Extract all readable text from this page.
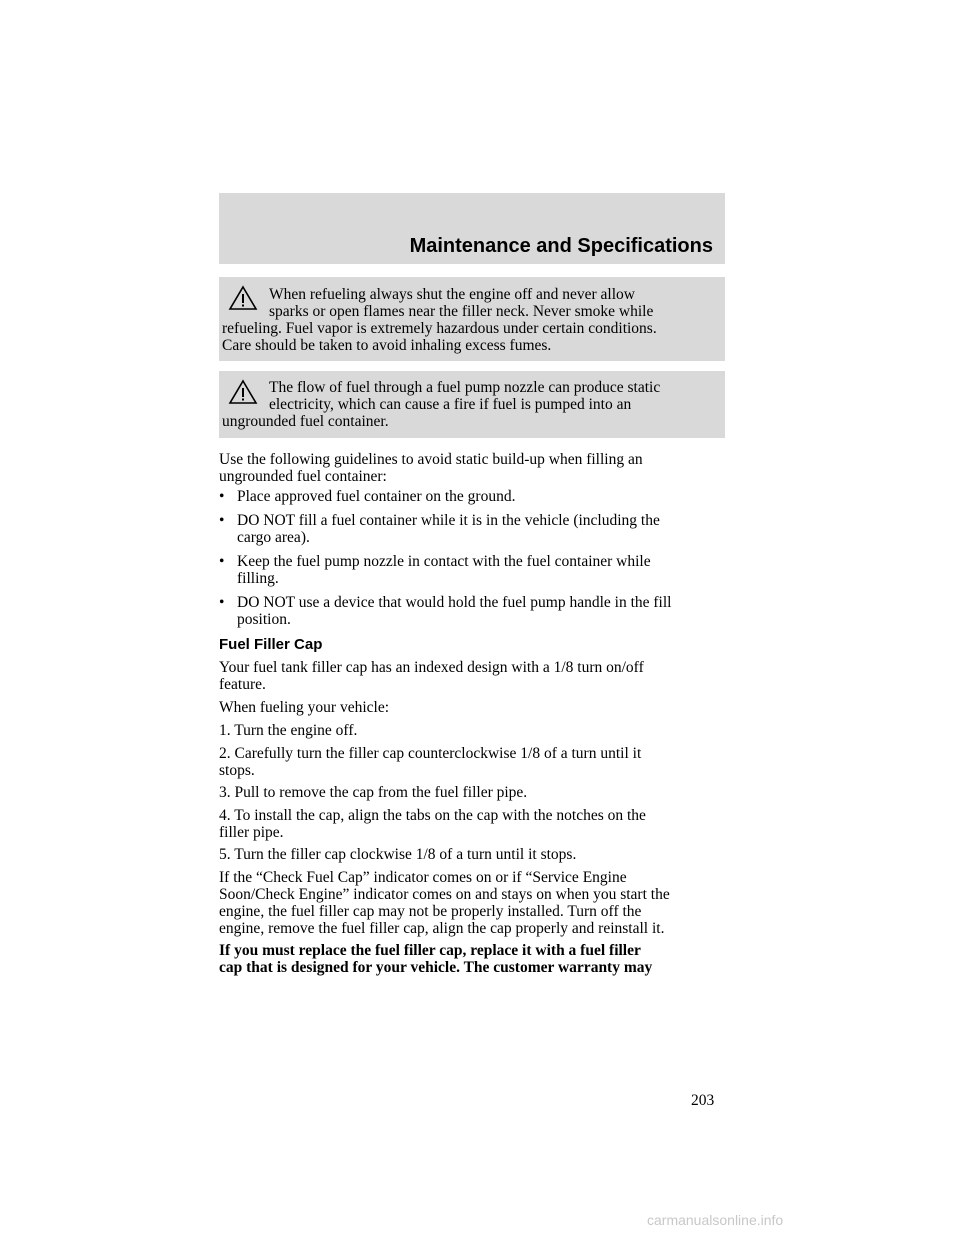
Maintenance and Specifications
When refueling always shut the engine off and never allow
sparks or open flames near the filler neck. Never smoke while
refueling. Fuel vapor is extremely hazardous under certain conditions.
Care should be taken to avoid inhaling excess fumes.
The flow of fuel through a fuel pump nozzle can produce static
electricity, which can cause a fire if fuel is pumped into an
ungrounded fuel container.
Use the following guidelines to avoid static build-up when filling an
ungrounded fuel container:
• Place approved fuel container on the ground.
• DO NOT fill a fuel container while it is in the vehicle (including the
cargo area).
• Keep the fuel pump nozzle in contact with the fuel container while
filling.
• DO NOT use a device that would hold the fuel pump handle in the fill
position.
Fuel Filler Cap
Your fuel tank filler cap has an indexed design with a 1/8 turn on/off
feature.
When fueling your vehicle:
1. Turn the engine off.
2. Carefully turn the filler cap counterclockwise 1/8 of a turn until it
stops.
3. Pull to remove the cap from the fuel filler pipe.
4. To install the cap, align the tabs on the cap with the notches on the
filler pipe.
5. Turn the filler cap clockwise 1/8 of a turn until it stops.
If the “Check Fuel Cap” indicator comes on or if “Service Engine
Soon/Check Engine” indicator comes on and stays on when you start the
engine, the fuel filler cap may not be properly installed. Turn off the
engine, remove the fuel filler cap, align the cap properly and reinstall it.
If you must replace the fuel filler cap, replace it with a fuel filler
cap that is designed for your vehicle. The customer warranty may
203
carmanualsonline.info
